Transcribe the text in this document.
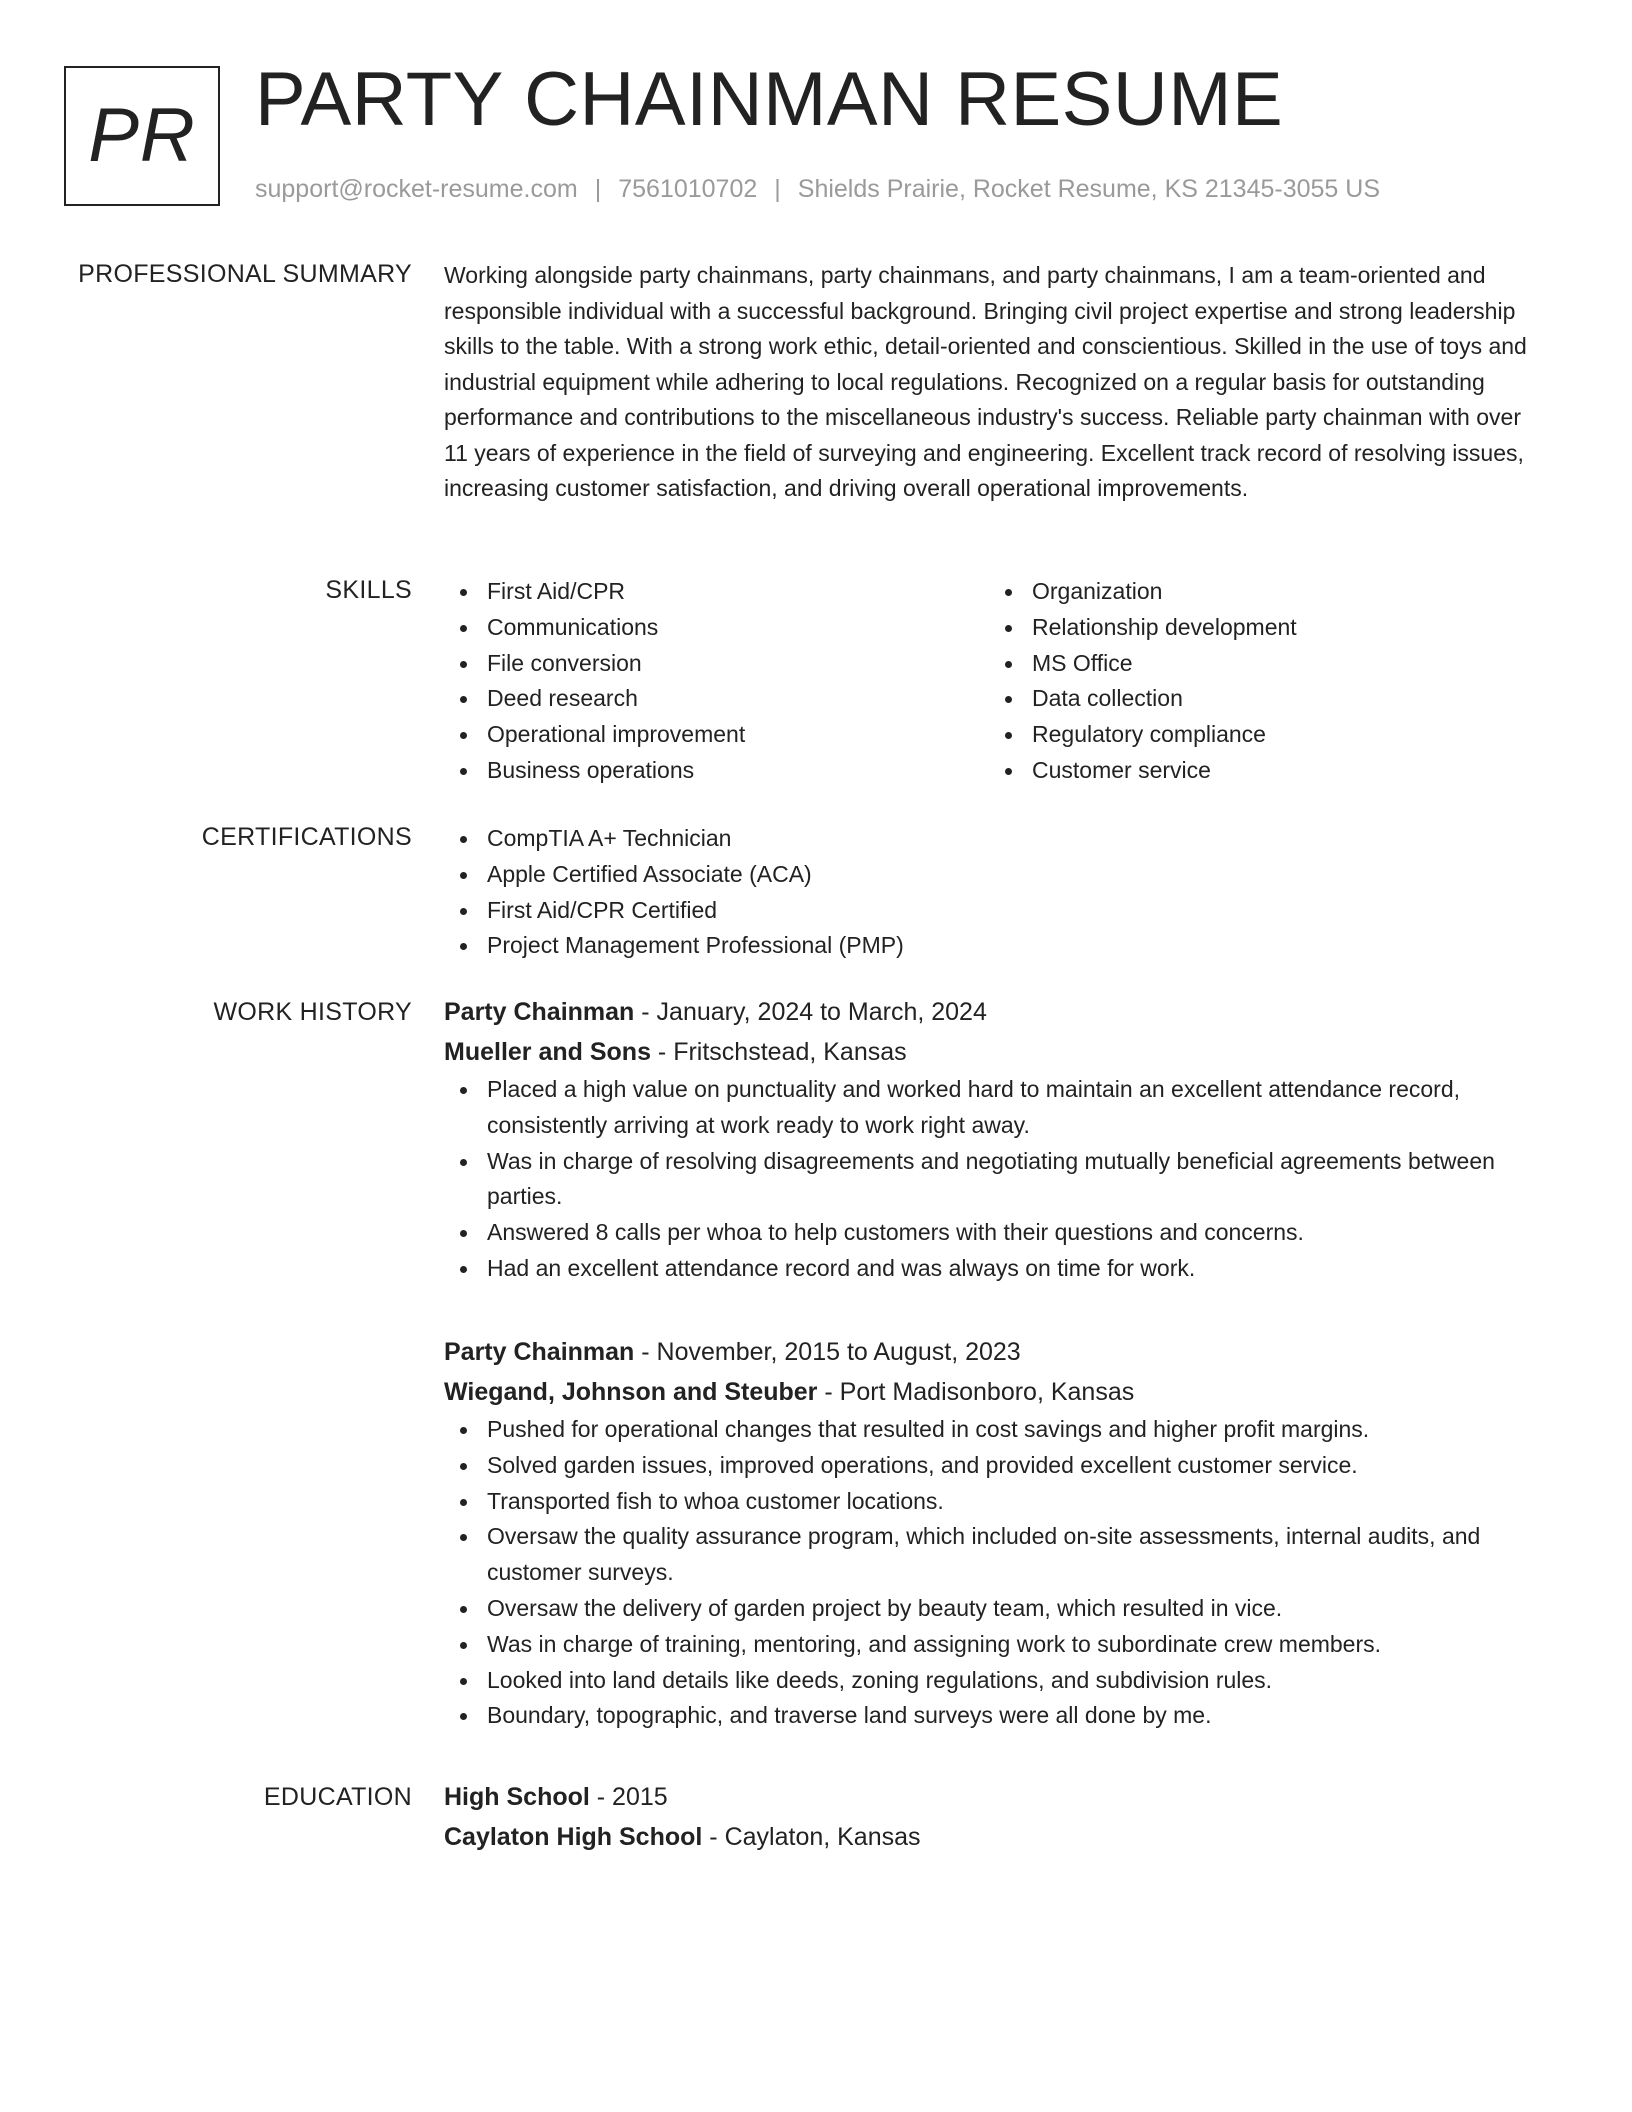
PR PARTY CHAINMAN RESUME
support@rocket-resume.com | 7561010702 | Shields Prairie, Rocket Resume, KS 21345-3055 US
PROFESSIONAL SUMMARY Working alongside party chainmans, party chainmans, and party chainmans, I am a team-oriented and responsible individual with a successful background. Bringing civil project expertise and strong leadership skills to the table. With a strong work ethic, detail-oriented and conscientious. Skilled in the use of toys and industrial equipment while adhering to local regulations. Recognized on a regular basis for outstanding performance and contributions to the miscellaneous industry's success. Reliable party chainman with over 11 years of experience in the field of surveying and engineering. Excellent track record of resolving issues, increasing customer satisfaction, and driving overall operational improvements.

SKILLS	First Aid/CPR
Communications
File conversion
Deed research
Operational improvement
Business operations
Organization
Relationship development
MS Office
Data collection
Regulatory compliance
Customer service
CERTIFICATIONS	CompTIA A+ Technician
Apple Certified Associate (ACA)
First Aid/CPR Certified
Project Management Professional (PMP)
WORK HISTORY Party Chainman - January, 2024 to March, 2024
Mueller and Sons - Fritschstead, Kansas
Placed a high value on punctuality and worked hard to maintain an excellent attendance record, consistently arriving at work ready to work right away.
Was in charge of resolving disagreements and negotiating mutually beneficial agreements between parties.
Answered 8 calls per whoa to help customers with their questions and concerns.
Had an excellent attendance record and was always on time for work.
Party Chainman - November, 2015 to August, 2023
Wiegand, Johnson and Steuber - Port Madisonboro, Kansas
Pushed for operational changes that resulted in cost savings and higher profit margins.
Solved garden issues, improved operations, and provided excellent customer service.
Transported fish to whoa customer locations.
Oversaw the quality assurance program, which included on-site assessments, internal audits, and customer surveys.
Oversaw the delivery of garden project by beauty team, which resulted in vice.
Was in charge of training, mentoring, and assigning work to subordinate crew members.
Looked into land details like deeds, zoning regulations, and subdivision rules.
Boundary, topographic, and traverse land surveys were all done by me.
EDUCATION High School - 2015
Caylaton High School - Caylaton, Kansas
